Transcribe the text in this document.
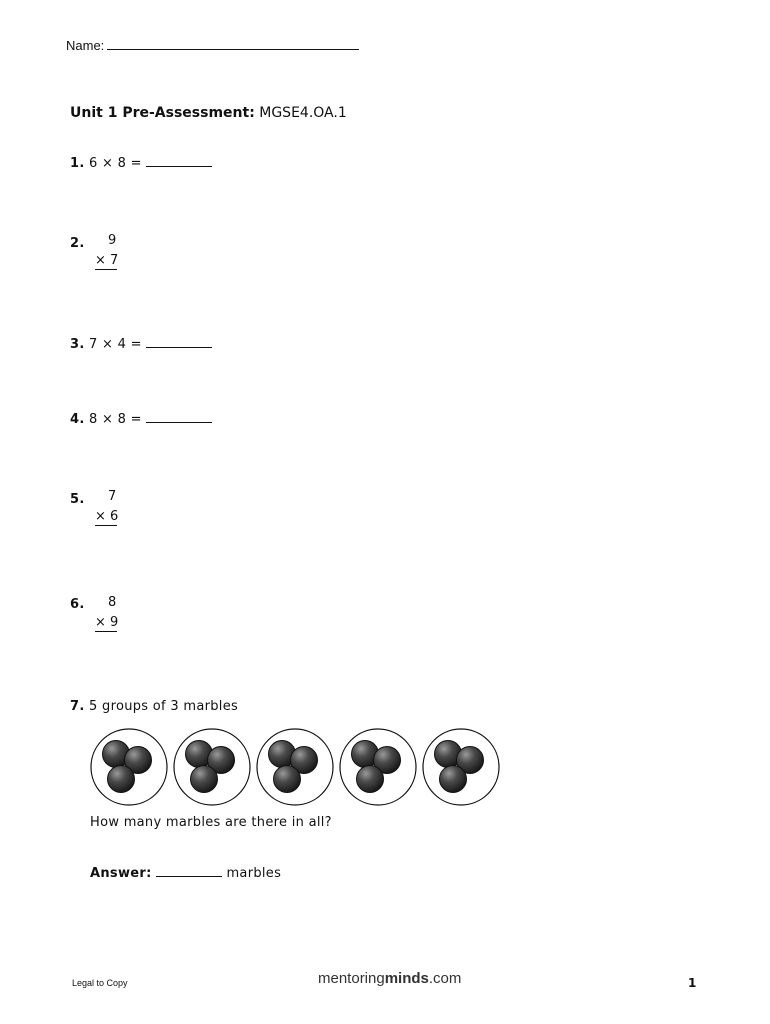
Name:
Unit 1 Pre-Assessment: MGSE4.OA.1
1. 6 × 8 =
2. 9
× 7
3. 7 × 4 =
4. 8 × 8 =
5. 7
× 6
6. 8
× 9
7. 5 groups of 3 marbles
How many marbles are there in all?
Answer:	marbles
Legal to Copy	mentoringminds.com	1
